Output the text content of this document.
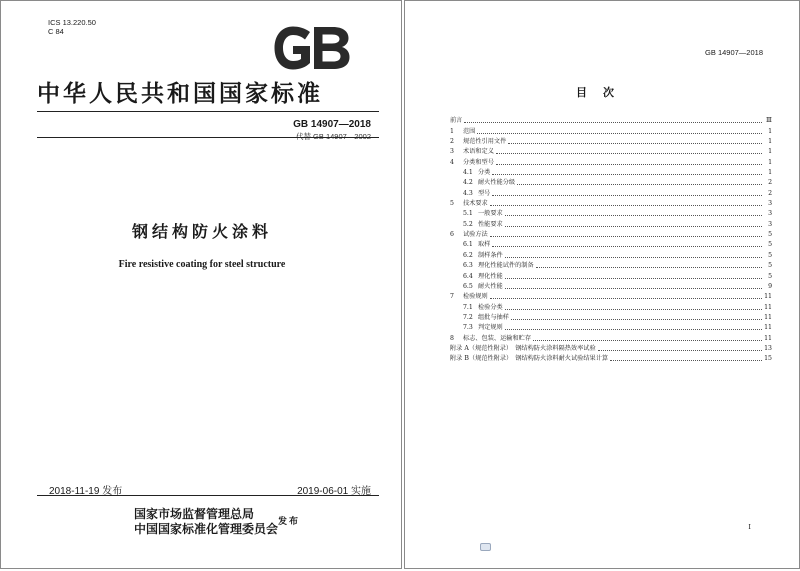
ICS 13.220.50
C 84
中华人民共和国国家标准
GB 14907—2018
代替 GB 14907—2002
钢结构防火涂料
Fire resistive coating for steel structure
2018-11-19 发布	2019-06-01 实施
国家市场监督管理总局
中国国家标准化管理委员会 发布
GB 14907—2018
目次
前言	Ⅲ
1	范围	1
2	规范性引用文件	1
3	术语和定义	1
4	分类和型号	1
4.1 分类	1
4.2 耐火性能分级	2
4.3 型号	2
5	技术要求	3
5.1 一般要求	3
5.2 性能要求	3
6	试验方法	5
6.1 取样	5
6.2 制样条件	5
6.3 理化性能试件的制备	5
6.4 理化性能	5
6.5 耐火性能	9
7	检验规则	11
7.1 检验分类	11
7.2 组批与抽样	11
7.3 判定规则	11
8	标志、包装、运输和贮存	11
附录 A（规范性附录）　钢结构防火涂料隔热效率试验	13
附录 B（规范性附录）　钢结构防火涂料耐火试验结果计算	15
I
